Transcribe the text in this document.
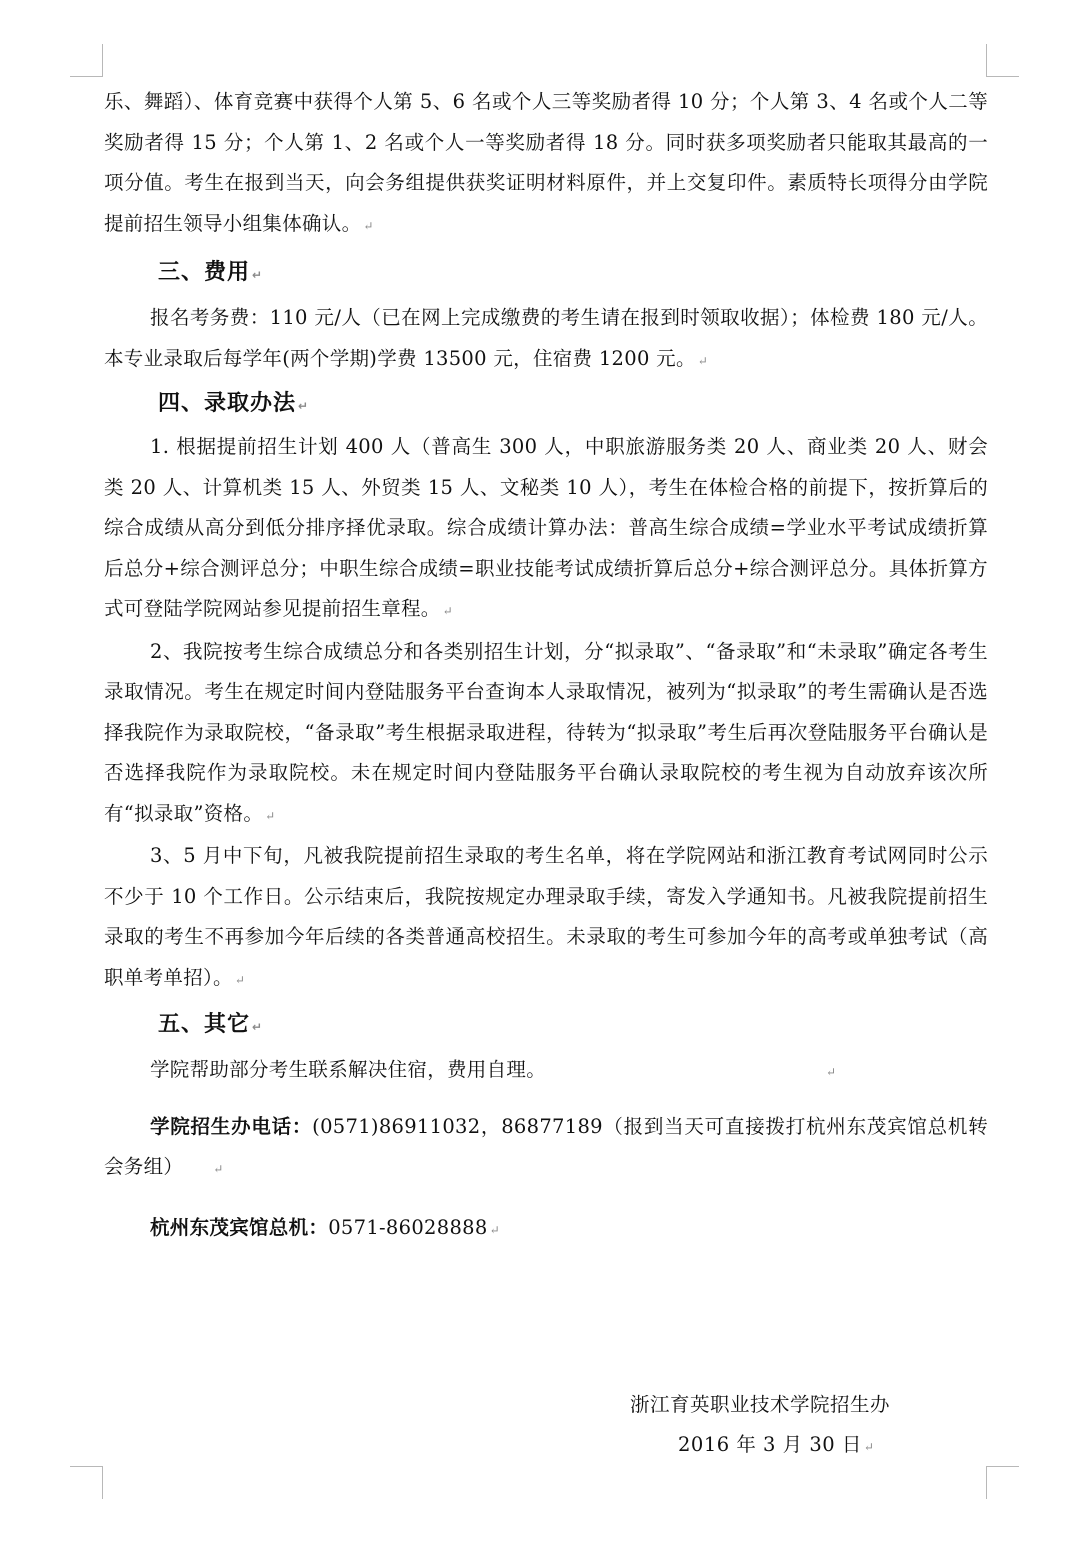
乐、舞蹈）、体育竞赛中获得个人第 5、6 名或个人三等奖励者得 10 分；个人第 3、4 名或个人二等奖励者得 15 分；个人第 1、2 名或个人一等奖励者得 18 分。同时获多项奖励者只能取其最高的一项分值。考生在报到当天，向会务组提供获奖证明材料原件，并上交复印件。素质特长项得分由学院提前招生领导小组集体确认。 ↵

三、费用 ↵

报名考务费：110 元/人（已在网上完成缴费的考生请在报到时领取收据）；体检费 180 元/人。本专业录取后每学年(两个学期)学费 13500 元，住宿费 1200 元。 ↵

四、录取办法 ↵

1. 根据提前招生计划 400 人（普高生 300 人，中职旅游服务类 20 人、商业类 20 人、财会类 20 人、计算机类 15 人、外贸类 15 人、文秘类 10 人），考生在体检合格的前提下，按折算后的综合成绩从高分到低分排序择优录取。综合成绩计算办法：普高生综合成绩=学业水平考试成绩折算后总分+综合测评总分；中职生综合成绩=职业技能考试成绩折算后总分+综合测评总分。具体折算方式可登陆学院网站参见提前招生章程。 ↵

2、我院按考生综合成绩总分和各类别招生计划，分“拟录取”、“备录取”和“未录取”确定各考生录取情况。考生在规定时间内登陆服务平台查询本人录取情况，被列为“拟录取”的考生需确认是否选择我院作为录取院校，“备录取”考生根据录取进程，待转为“拟录取”考生后再次登陆服务平台确认是否选择我院作为录取院校。未在规定时间内登陆服务平台确认录取院校的考生视为自动放弃该次所有“拟录取”资格。 ↵

3、5 月中下旬，凡被我院提前招生录取的考生名单，将在学院网站和浙江教育考试网同时公示不少于 10 个工作日。公示结束后，我院按规定办理录取手续，寄发入学通知书。凡被我院提前招生录取的考生不再参加今年后续的各类普通高校招生。未录取的考生可参加今年的高考或单独考试（高职单考单招）。 ↵

五、其它 ↵

学院帮助部分考生联系解决住宿，费用自理。	↵

学院招生办电话：(0571)86911032，86877189（报到当天可直接拨打杭州东茂宾馆总机转会务组）	↵

杭州东茂宾馆总机：0571-86028888 ↵

浙江育英职业技术学院招生办
2016 年 3 月 30 日 ↵
